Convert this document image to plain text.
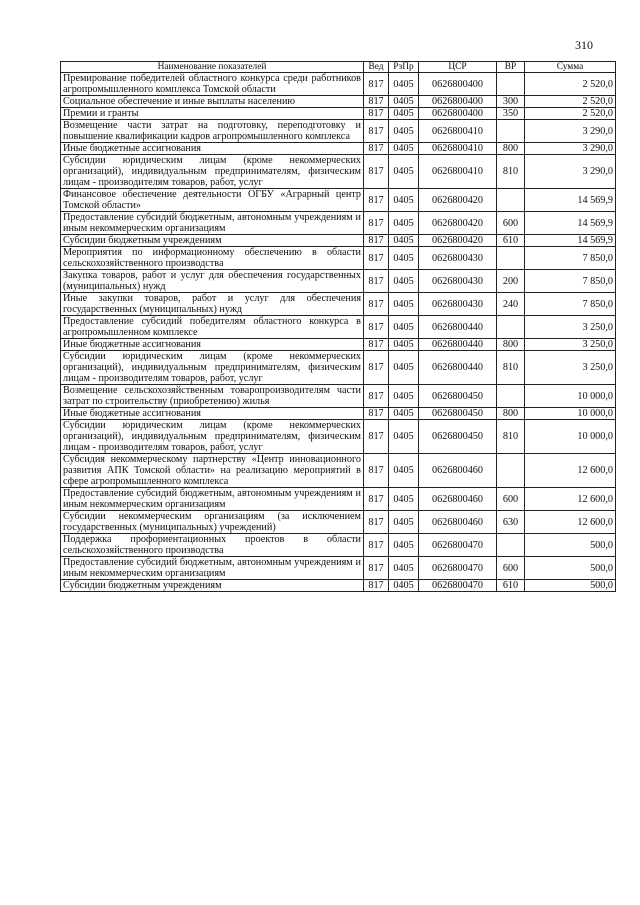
310
Наименование показателей	Вед	РзПр	ЦСР	ВР	Сумма
Премирование победителей областного конкурса среди работников агропромышленного комплекса Томской области	817	0405	0626800400		2 520,0
Социальное обеспечение и иные выплаты населению	817	0405	0626800400	300	2 520,0
Премии и гранты	817	0405	0626800400	350	2 520,0
Возмещение части затрат на подготовку, переподготовку и повышение квалификации кадров агропромышленного комплекса	817	0405	0626800410		3 290,0
Иные бюджетные ассигнования	817	0405	0626800410	800	3 290,0
Субсидии юридическим лицам (кроме некоммерческих организаций), индивидуальным предпринимателям, физическим лицам - производителям товаров, работ, услуг	817	0405	0626800410	810	3 290,0
Финансовое обеспечение деятельности ОГБУ «Аграрный центр Томской области»	817	0405	0626800420		14 569,9
Предоставление субсидий бюджетным, автономным учреждениям и иным некоммерческим организациям	817	0405	0626800420	600	14 569,9
Субсидии бюджетным учреждениям	817	0405	0626800420	610	14 569,9
Мероприятия по информационному обеспечению в области сельскохозяйственного производства	817	0405	0626800430		7 850,0
Закупка товаров, работ и услуг для обеспечения государственных (муниципальных) нужд	817	0405	0626800430	200	7 850,0
Иные закупки товаров, работ и услуг для обеспечения государственных (муниципальных) нужд	817	0405	0626800430	240	7 850,0
Предоставление субсидий победителям областного конкурса в агропромышленном комплексе	817	0405	0626800440		3 250,0
Иные бюджетные ассигнования	817	0405	0626800440	800	3 250,0
Субсидии юридическим лицам (кроме некоммерческих организаций), индивидуальным предпринимателям, физическим лицам - производителям товаров, работ, услуг	817	0405	0626800440	810	3 250,0
Возмещение сельскохозяйственным товаропроизводителям части затрат по строительству (приобретению) жилья	817	0405	0626800450		10 000,0
Иные бюджетные ассигнования	817	0405	0626800450	800	10 000,0
Субсидии юридическим лицам (кроме некоммерческих организаций), индивидуальным предпринимателям, физическим лицам - производителям товаров, работ, услуг	817	0405	0626800450	810	10 000,0
Субсидия некоммерческому партнерству «Центр инновационного развития АПК Томской области» на реализацию мероприятий в сфере агропромышленного комплекса	817	0405	0626800460		12 600,0
Предоставление субсидий бюджетным, автономным учреждениям и иным некоммерческим организациям	817	0405	0626800460	600	12 600,0
Субсидии некоммерческим организациям (за исключением государственных (муниципальных) учреждений)	817	0405	0626800460	630	12 600,0
Поддержка профориентационных проектов в области сельскохозяйственного производства	817	0405	0626800470		500,0
Предоставление субсидий бюджетным, автономным учреждениям и иным некоммерческим организациям	817	0405	0626800470	600	500,0
Субсидии бюджетным учреждениям	817	0405	0626800470	610	500,0
